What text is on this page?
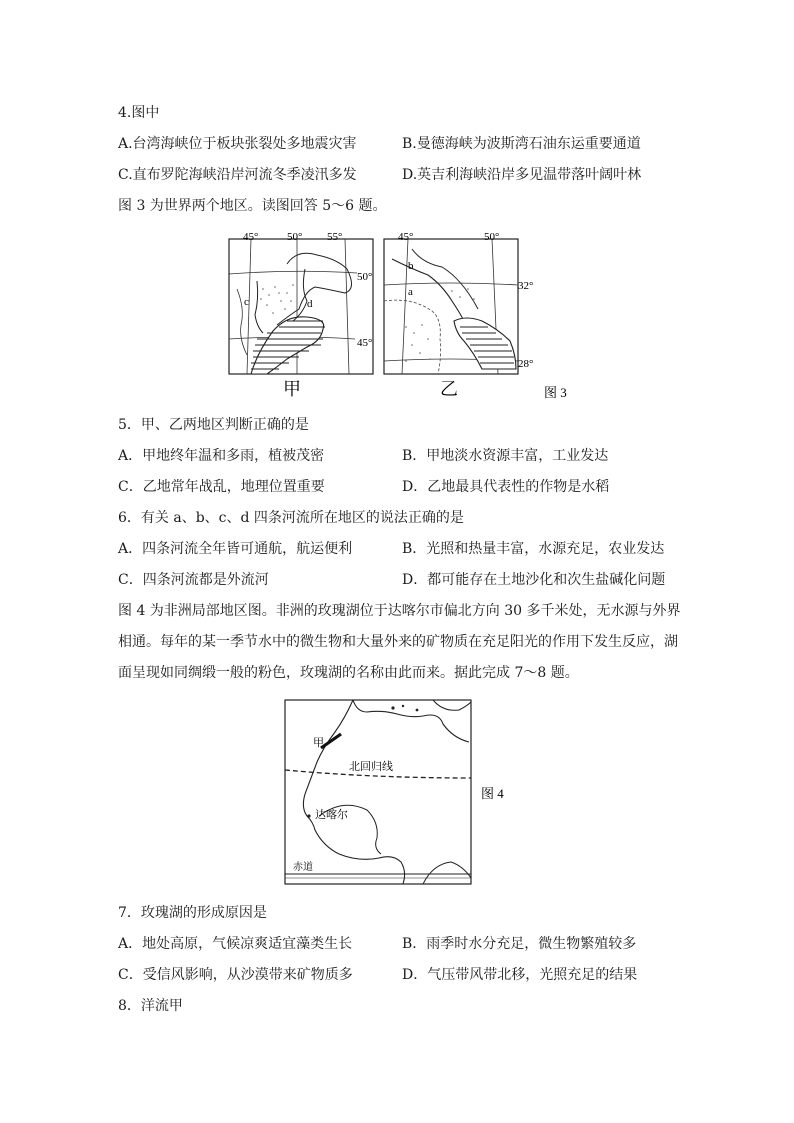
4.图中
A.台湾海峡位于板块张裂处多地震灾害	B.曼德海峡为波斯湾石油东运重要通道
C.直布罗陀海峡沿岸河流冬季凌汛多发	D.英吉利海峡沿岸多见温带落叶阔叶林
图 3 为世界两个地区。读图回答 5～6 题。
45°	50° 55°
50°
45°
c	d
甲
45°	50°
32°
28°
b
a
乙	图 3
5．甲、乙两地区判断正确的是
A．甲地终年温和多雨，植被茂密	B．甲地淡水资源丰富，工业发达
C．乙地常年战乱，地理位置重要	D．乙地最具代表性的作物是水稻
6．有关 a、b、c、d 四条河流所在地区的说法正确的是
A．四条河流全年皆可通航，航运便利	B．光照和热量丰富，水源充足，农业发达
C．四条河流都是外流河	D．都可能存在土地沙化和次生盐碱化问题
图 4 为非洲局部地区图。非洲的玫瑰湖位于达喀尔市偏北方向 30 多千米处，无水源与外界
相通。每年的某一季节水中的微生物和大量外来的矿物质在充足阳光的作用下发生反应，湖
面呈现如同绸缎一般的粉色，玫瑰湖的名称由此而来。据此完成 7～8 题。
甲
北回归线
达喀尔
赤道
图 4
7．玫瑰湖的形成原因是
A．地处高原，气候凉爽适宜藻类生长	B．雨季时水分充足，微生物繁殖较多
C．受信风影响，从沙漠带来矿物质多	D．气压带风带北移，光照充足的结果
8．洋流甲
